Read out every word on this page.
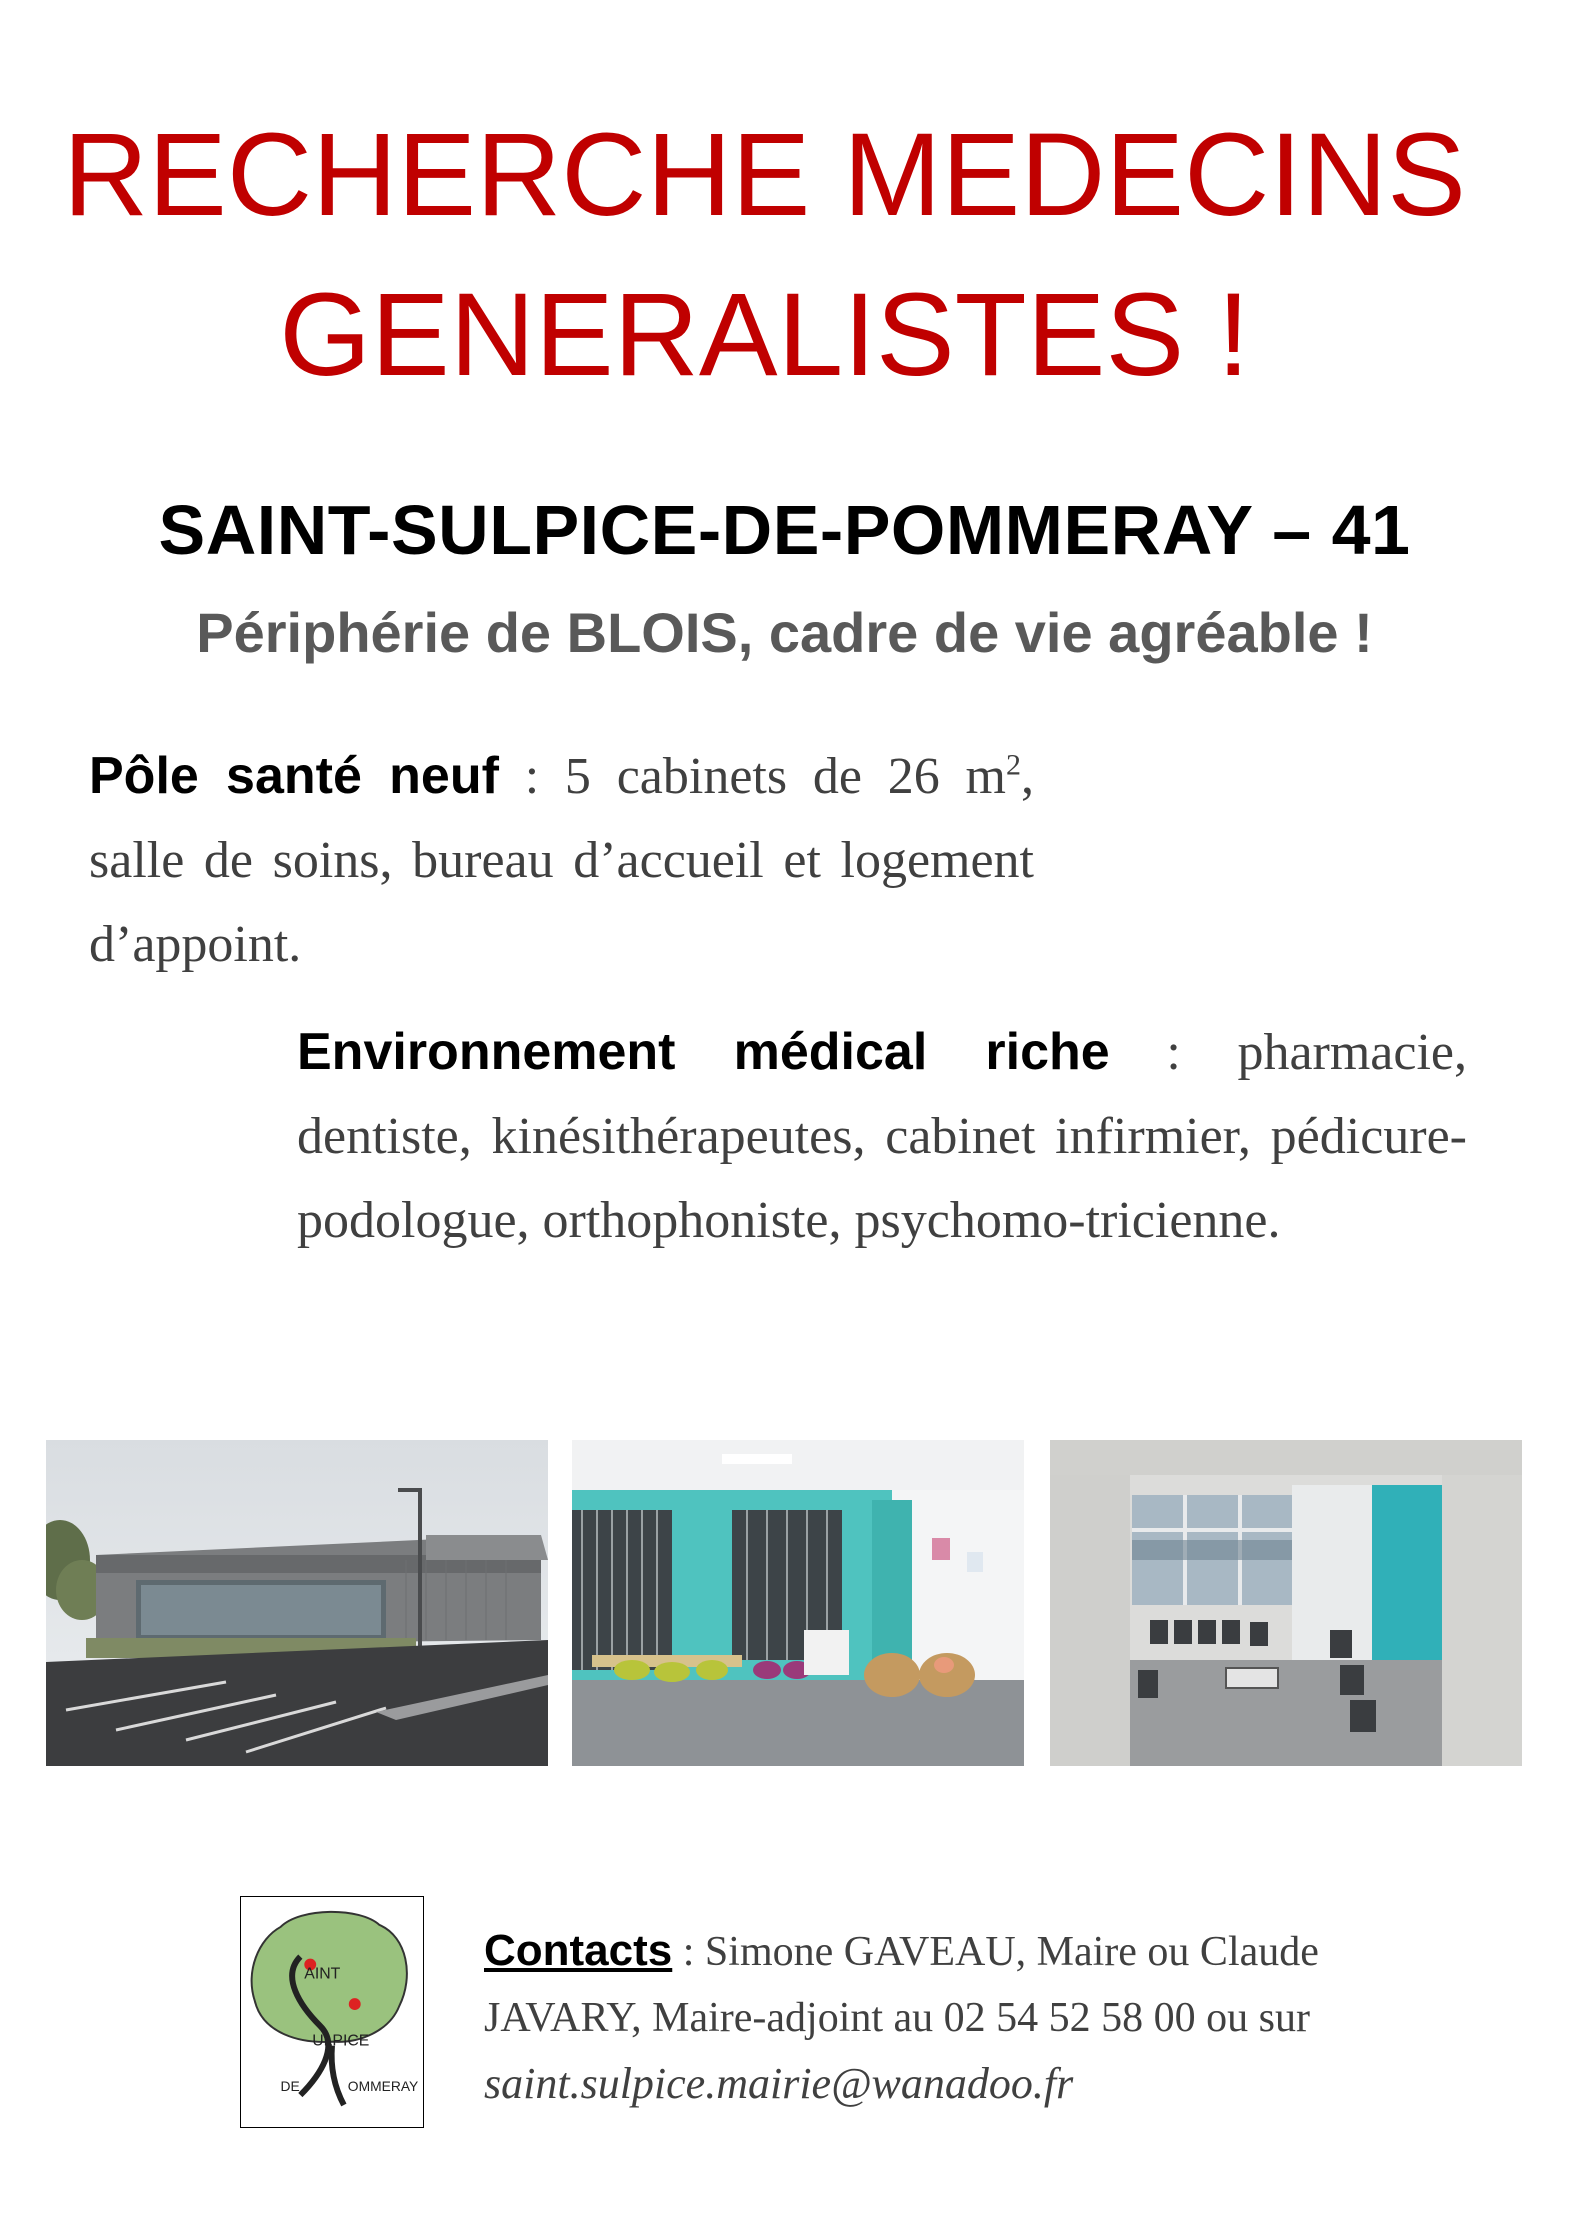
RECHERCHE MEDECINS
GENERALISTES !
SAINT-SULPICE-DE-POMMERAY – 41
Périphérie de BLOIS, cadre de vie agréable !
Pôle santé neuf : 5 cabinets de 26 $m^2$, salle de soins, bureau d’accueil et logement d’appoint.
Environnement médical riche : pharmacie, dentiste, kinésithérapeutes, cabinet infirmier, pédicure-podologue, orthophoniste, psychomo-tricienne.
AINT
ULPICE
DE	OMMERAY
Contacts : Simone GAVEAU, Maire ou Claude JAVARY, Maire-adjoint au 02 54 52 58 00 ou sur saint.sulpice.mairie@wanadoo.fr
